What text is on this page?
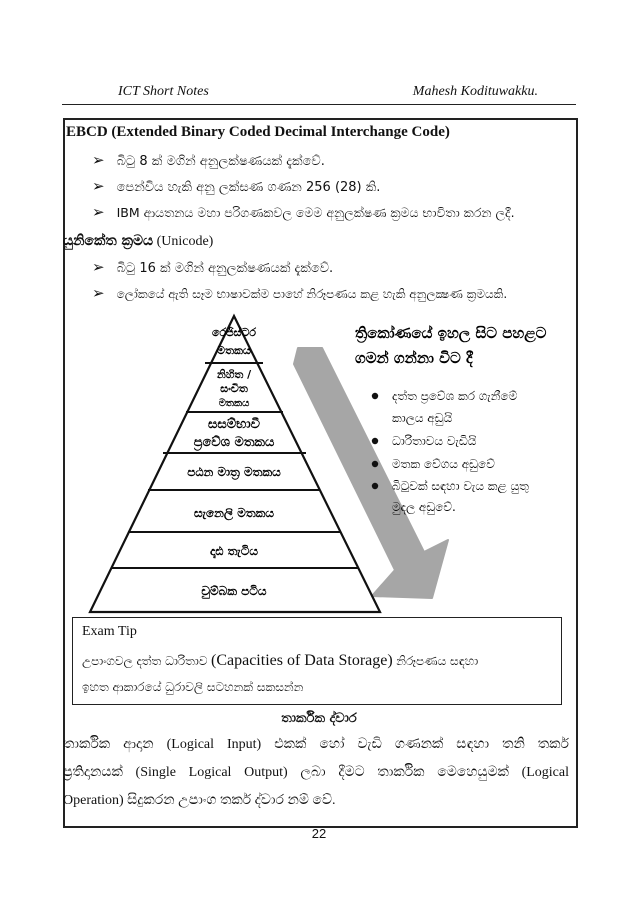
ICT Short Notes	Mahesh Kodituwakku.
EBCD (Extended Binary Coded Decimal Interchange Code)
➢ බිටු 8 ක් මගින් අනුලක්ෂණයක් දැක්වේ.
➢ පෙන්විය හැකි අනු ලක්සණ ගණන 256 (28) කි.
➢ IBM ආයතනය මහා පරිගණකවල මෙම අනුලක්ෂණ ක්‍රමය භාවිතා කරන ලදී.
යුනිකේත ක්‍රමය (Unicode)
➢ බිටු 16 ක් මගින් අනුලක්ෂණයක් දැක්වේ.
➢ ලෝකයේ ඇති සෑම භාෂාවක්ම පාහේ නිරූපණය කළ හැකි අනුලක්‍ෂණ ක්‍රමයකි.
රෙජිස්ටර
මතකය
නිහිත /
සංචිත
මතකය
සසම්භාවී
ප්‍රවේශ මතකය
පඨන මාත්‍ර මතකය
සැනෙලි මතකය
දෘඪ තැටිය
චුම්බක පටිය
ත්‍රිකෝණයේ ඉහල සිට පහළට
ගමන් ගන්නා විට දී
දත්ත ප්‍රවේශ කර ගැනීමේ
කාලය අඩුයි
ධාරිතාවය වැඩියි
මතක වේගය අඩුවේ
බිටුවක් සඳහා වැය කළ යුතු
මුදල අඩුවේ.
Exam Tip
උපාංගවල දත්ත ධාරිතාව (Capacities of Data Storage) නිරූපණය සඳහා
ඉහත ආකාරයේ ධුරාවලි සටහනක් සකසන්න
තාර්කික ද්වාර
තාර්කික ආදාන (Logical Input) එකක් හෝ වැඩි ගණනක් සඳහා තනි තර්ක
ප්‍රතිදානයක් (Single Logical Output) ලබා දීමට තාර්කික මෙහෙයුමක් (Logical
Operation) සිදුකරන උපාංග තර්ක ද්වාර නම් වේ.
22
